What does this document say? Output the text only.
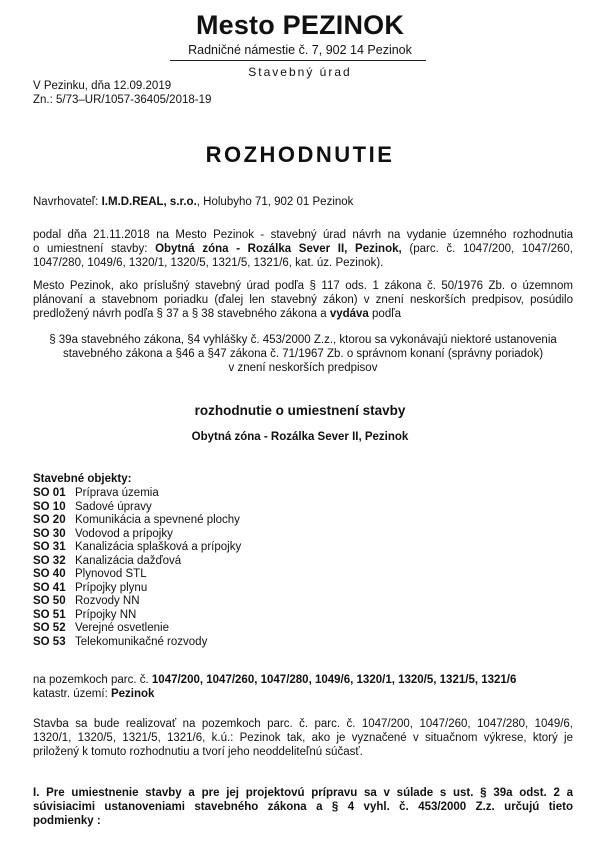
Mesto PEZINOK
Radničné námestie č. 7, 902 14 Pezinok
Stavebný úrad
V Pezinku, dňa 12.09.2019
Zn.: 5/73–UR/1057-36405/2018-19
ROZHODNUTIE
Navrhovateľ: I.M.D.REAL, s.r.o., Holubyho 71, 902 01 Pezinok
podal dňa 21.11.2018 na Mesto Pezinok - stavebný úrad návrh na vydanie územného rozhodnutia
o umiestnení stavby: Obytná zóna - Rozálka Sever II, Pezinok, (parc. č. 1047/200, 1047/260,
1047/280, 1049/6, 1320/1, 1320/5, 1321/5, 1321/6, kat. úz. Pezinok).
Mesto Pezinok, ako príslušný stavebný úrad podľa § 117 ods. 1 zákona č. 50/1976 Zb. o územnom
plánovaní a stavebnom poriadku (ďalej len stavebný zákon) v znení neskorších predpisov, posúdilo
predložený návrh podľa § 37 a § 38 stavebného zákona a vydáva podľa
§ 39a stavebného zákona, §4 vyhlášky č. 453/2000 Z.z., ktorou sa vykonávajú niektoré ustanovenia
stavebného zákona a §46 a §47 zákona č. 71/1967 Zb. o správnom konaní (správny poriadok)
v znení neskorších predpisov
rozhodnutie o umiestnení stavby
Obytná zóna - Rozálka Sever II, Pezinok
Stavebné objekty:
SO 01 Príprava územia
SO 10 Sadové úpravy
SO 20 Komunikácia a spevnené plochy
SO 30 Vodovod a prípojky
SO 31 Kanalizácia splašková a prípojky
SO 32 Kanalizácia dažďová
SO 40 Plynovod STL
SO 41 Prípojky plynu
SO 50 Rozvody NN
SO 51 Prípojky NN
SO 52 Verejné osvetlenie
SO 53 Telekomunikačné rozvody
na pozemkoch parc. č. 1047/200, 1047/260, 1047/280, 1049/6, 1320/1, 1320/5, 1321/5, 1321/6
katastr. území: Pezinok
Stavba sa bude realizovať na pozemkoch parc. č. parc. č. 1047/200, 1047/260, 1047/280, 1049/6,
1320/1, 1320/5, 1321/5, 1321/6, k.ú.: Pezinok tak, ako je vyznačené v situačnom výkrese, ktorý je
priložený k tomuto rozhodnutiu a tvorí jeho neoddeliteľnú súčasť.
I. Pre umiestnenie stavby a pre jej projektovú prípravu sa v súlade s ust. § 39a odst. 2 a
súvisiacimi ustanoveniami stavebného zákona a § 4 vyhl. č. 453/2000 Z.z. určujú tieto
podmienky :
